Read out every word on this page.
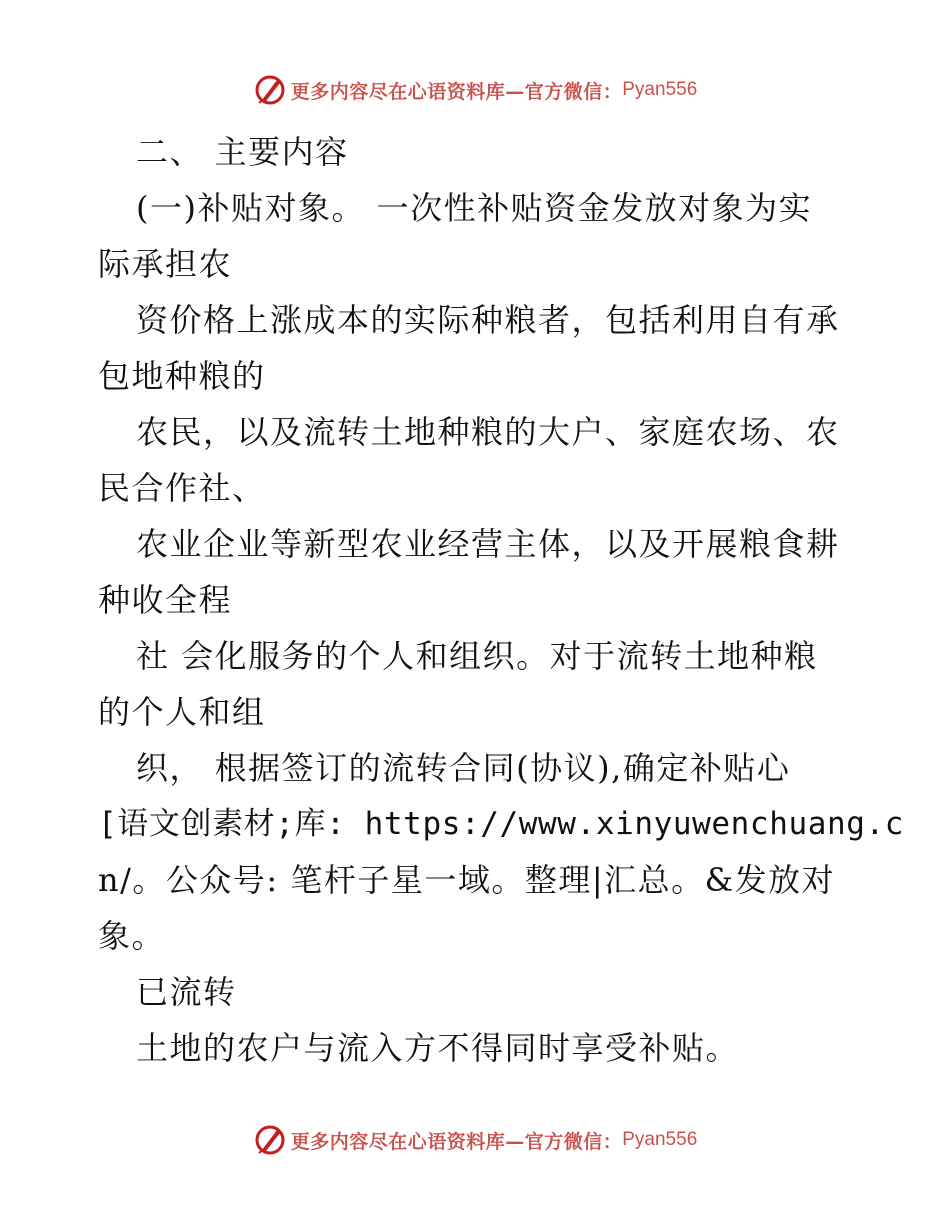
更多内容尽在心语资料库—官方微信： Pyan556
二、 主要内容
(一)补贴对象。 一次性补贴资金发放对象为实
际承担农
资价格上涨成本的实际种粮者，包括利用自有承
包地种粮的
农民，以及流转土地种粮的大户、家庭农场、农
民合作社、
农业企业等新型农业经营主体，以及开展粮食耕
种收全程
社 会化服务的个人和组织。对于流转土地种粮
的个人和组
织， 根据签订的流转合同(协议),确定补贴心
[语文创素材;库: https://www.xinyuwenchuang.c
n/。公众号: 笔杆子星一域。整理|汇总。&发放对
象。
已流转
土地的农户与流入方不得同时享受补贴。
更多内容尽在心语资料库—官方微信： Pyan556
